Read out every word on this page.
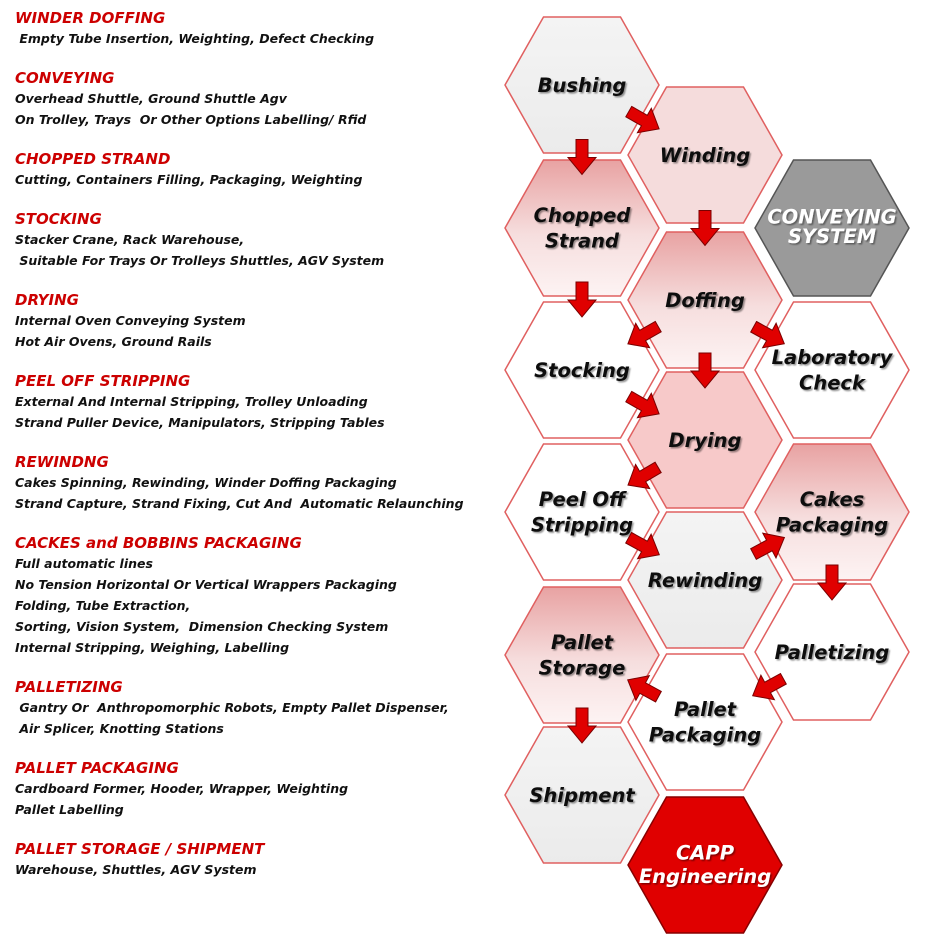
WINDER DOFFING
Empty Tube Insertion, Weighting, Defect Checking
CONVEYING
Overhead Shuttle, Ground Shuttle Agv
On Trolley, Trays  Or Other Options Labelling/ Rfid
CHOPPED STRAND
Cutting, Containers Filling, Packaging, Weighting
STOCKING
Stacker Crane, Rack Warehouse,
Suitable For Trays Or Trolleys Shuttles, AGV System
DRYING
Internal Oven Conveying System
Hot Air Ovens, Ground Rails
PEEL OFF STRIPPING
External And Internal Stripping, Trolley Unloading
Strand Puller Device, Manipulators, Stripping Tables
REWINDNG
Cakes Spinning, Rewinding, Winder Doffing Packaging
Strand Capture, Strand Fixing, Cut And  Automatic Relaunching
CACKES and BOBBINS PACKAGING
Full automatic lines
No Tension Horizontal Or Vertical Wrappers Packaging
Folding, Tube Extraction,
Sorting, Vision System,  Dimension Checking System
Internal Stripping, Weighing, Labelling
PALLETIZING
Gantry Or  Anthropomorphic Robots, Empty Pallet Dispenser,
Air Splicer, Knotting Stations
PALLET PACKAGING
Cardboard Former, Hooder, Wrapper, Weighting
Pallet Labelling
PALLET STORAGE / SHIPMENT
Warehouse, Shuttles, AGV System
Bushing
Winding
Chopped
Strand
CONVEYING
SYSTEM
Doffing
Stocking
Laboratory
Check
Drying
Peel Off
Stripping
Cakes
Packaging
Rewinding
Palletizing
Pallet
Storage
Pallet
Packaging
Shipment
CAPP
Engineering
